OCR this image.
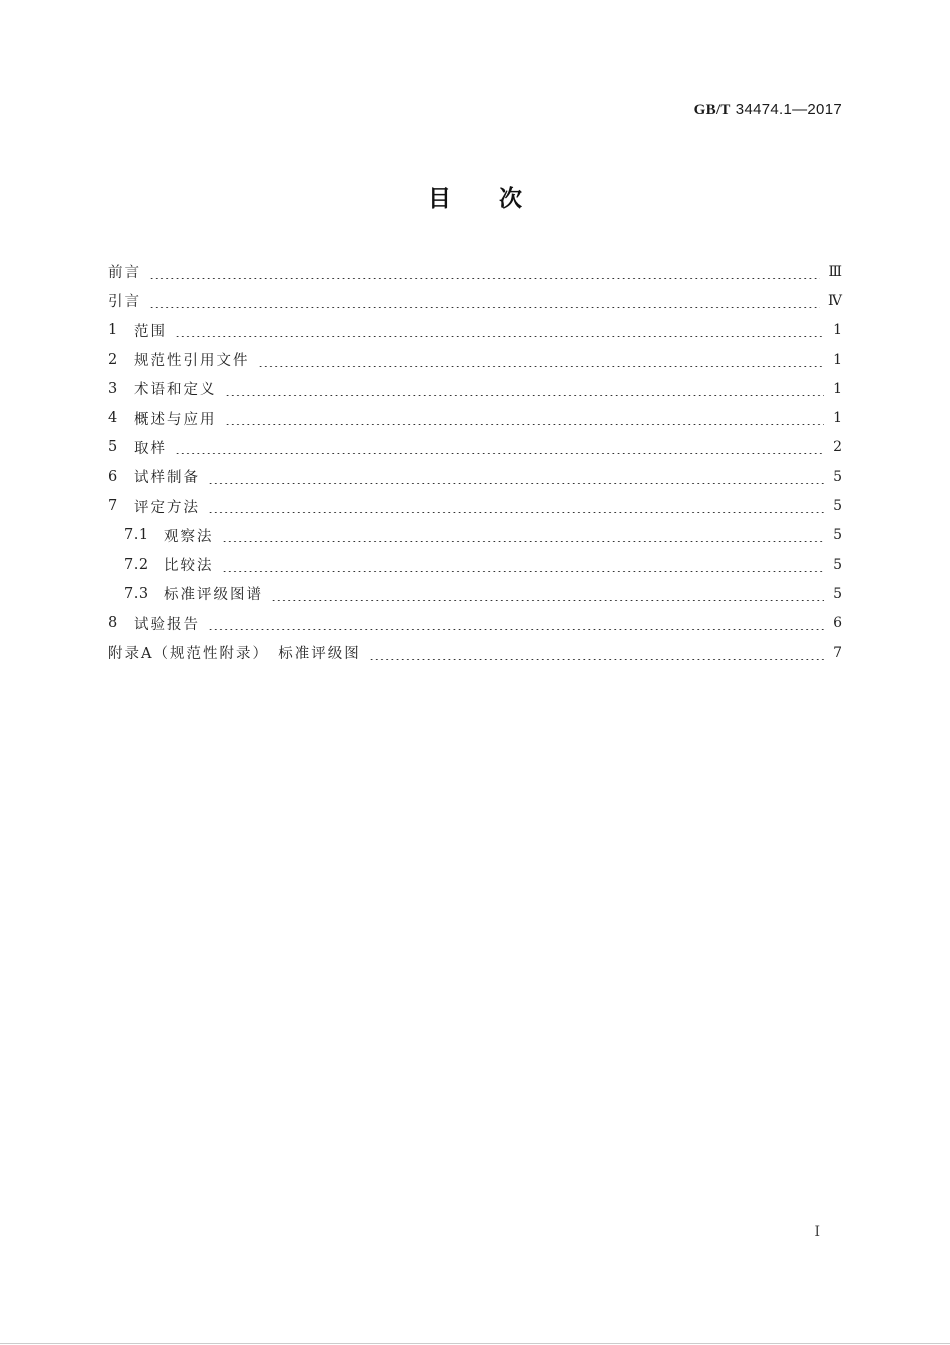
GB/T 34474.1—2017
目次
前言	Ⅲ
引言	Ⅳ
1	范围	1
2	规范性引用文件	1
3	术语和定义	1
4	概述与应用	1
5	取样	2
6	试样制备	5
7	评定方法	5
7.1	观察法	5
7.2	比较法	5
7.3	标准评级图谱	5
8	试验报告	6
附录A（规范性附录）　标准评级图	7
I
